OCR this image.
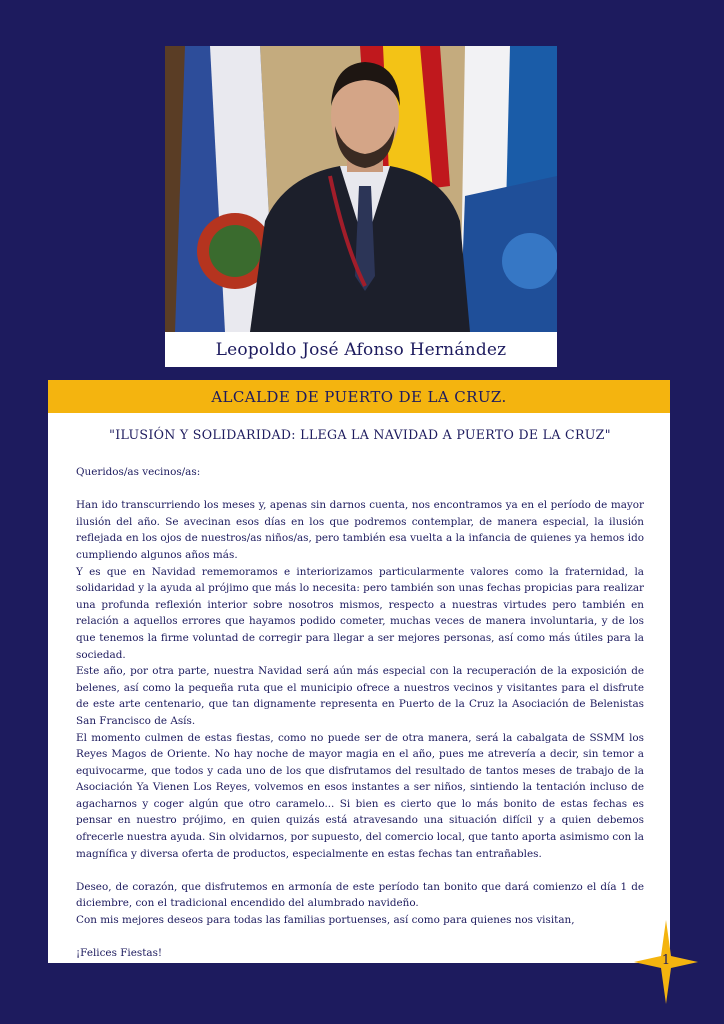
Leopoldo José Afonso Hernández
ALCALDE DE PUERTO DE LA CRUZ.
"ILUSIÓN Y SOLIDARIDAD: LLEGA LA NAVIDAD A PUERTO DE LA CRUZ"

Queridos/as vecinos/as:

Han ido transcurriendo los meses y, apenas sin darnos cuenta, nos encontramos ya en el período de mayor ilusión del año. Se avecinan esos días en los que podremos contemplar, de manera especial, la ilusión reflejada en los ojos de nuestros/as niños/as, pero también esa vuelta a la infancia de quienes ya hemos ido cumpliendo algunos años más.

Y es que en Navidad rememoramos e interiorizamos particularmente valores como la fraternidad, la solidaridad y la ayuda al prójimo que más lo necesita: pero también son unas fechas propicias para realizar una profunda reflexión interior sobre nosotros mismos, respecto a nuestras virtudes pero también en relación a aquellos errores que hayamos podido cometer, muchas veces de manera involuntaria, y de los que tenemos la firme voluntad de corregir para llegar a ser mejores personas, así como más útiles para la sociedad.

Este año, por otra parte, nuestra Navidad será aún más especial con la recuperación de la exposición de belenes, así como la pequeña ruta que el municipio ofrece a nuestros vecinos y visitantes para el disfrute de este arte centenario, que tan dignamente representa en Puerto de la Cruz la Asociación de Belenistas San Francisco de Asís.

El momento culmen de estas fiestas, como no puede ser de otra manera, será la cabalgata de SSMM los Reyes Magos de Oriente. No hay noche de mayor magia en el año, pues me atrevería a decir, sin temor a equivocarme, que todos y cada uno de los que disfrutamos del resultado de tantos meses de trabajo de la Asociación Ya Vienen Los Reyes, volvemos en esos instantes a ser niños, sintiendo la tentación incluso de agacharnos y coger algún que otro caramelo... Si bien es cierto que lo más bonito de estas fechas es pensar en nuestro prójimo, en quien quizás está atravesando una situación difícil y a quien debemos ofrecerle nuestra ayuda. Sin olvidarnos, por supuesto, del comercio local, que tanto aporta asimismo con la magnífica y diversa oferta de productos, especialmente en estas fechas tan entrañables.

Deseo, de corazón, que disfrutemos en armonía de este período tan bonito que dará comienzo el día 1 de diciembre, con el tradicional encendido del alumbrado navideño.

Con mis mejores deseos para todas las familias portuenses, así como para quienes nos visitan,

¡Felices Fiestas!	1
